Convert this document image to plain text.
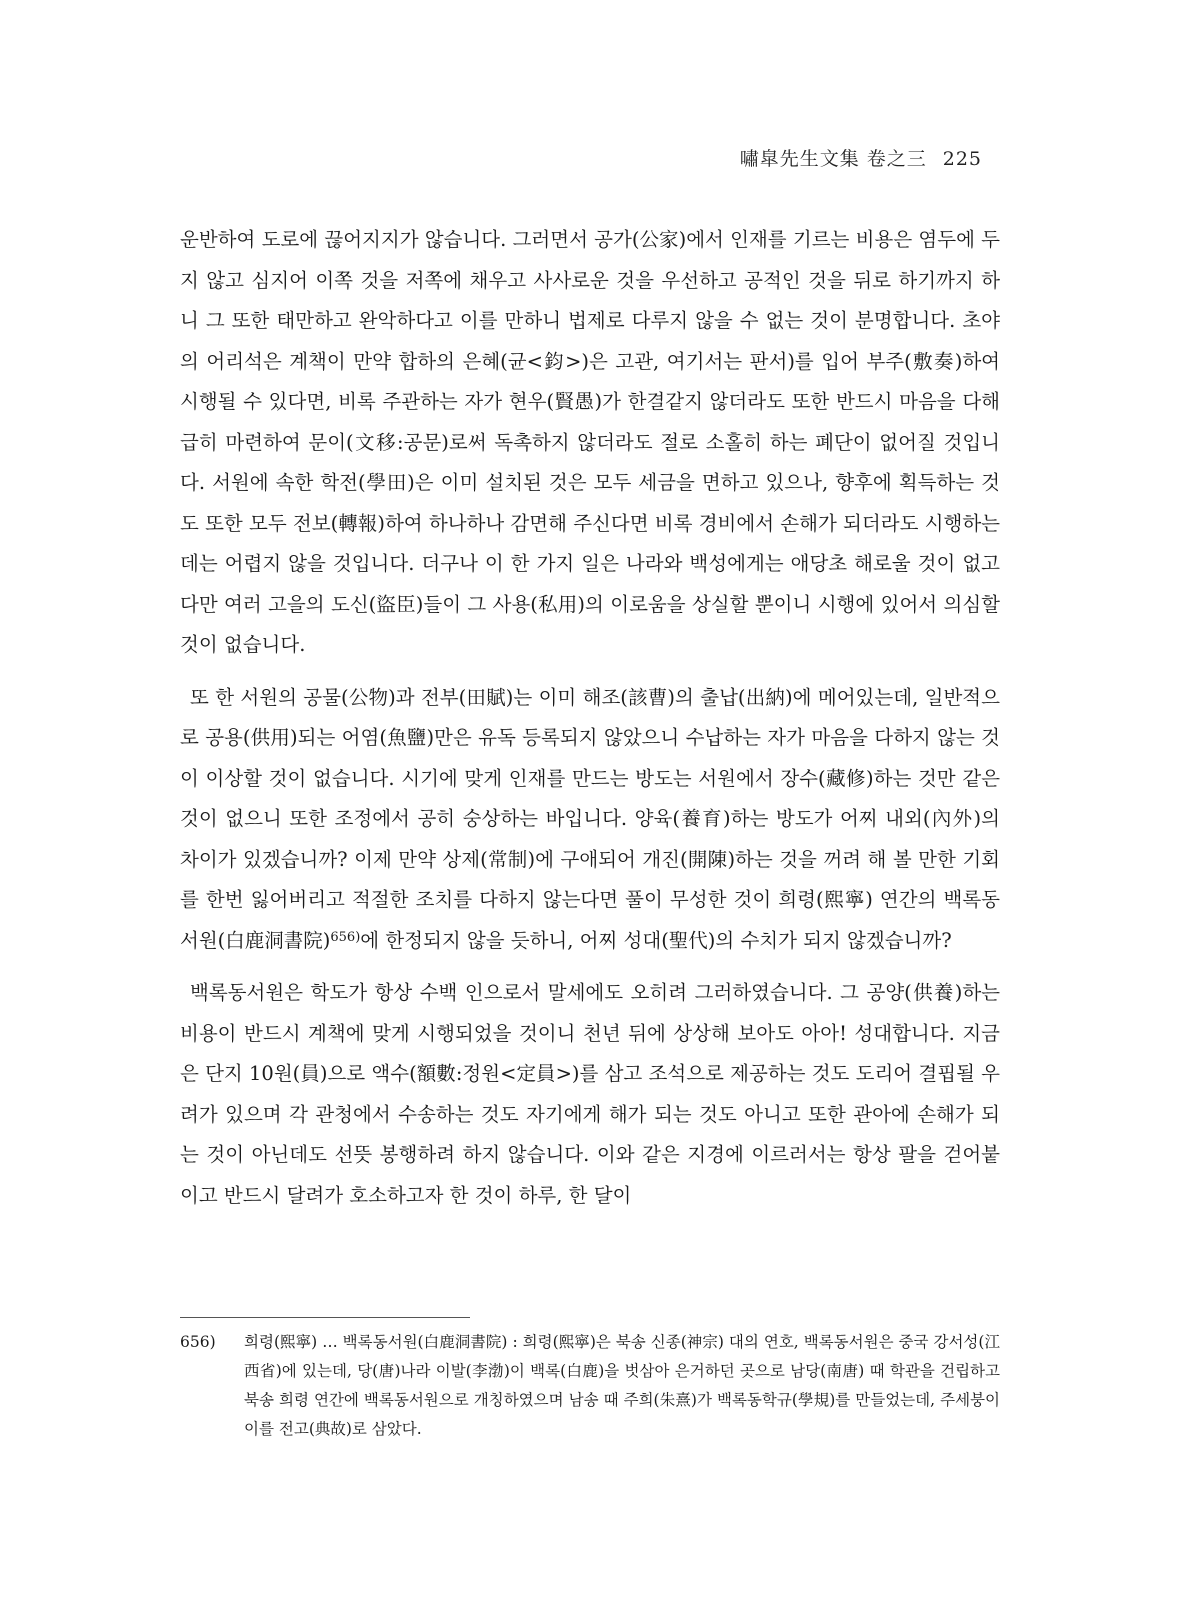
嘯皐先生文集 卷之三 225

운반하여 도로에 끊어지지가 않습니다. 그러면서 공가(公家)에서 인재를 기르는 비용은 염두에 두지 않고 심지어 이쪽 것을 저쪽에 채우고 사사로운 것을 우선하고 공적인 것을 뒤로 하기까지 하니 그 또한 태만하고 완악하다고 이를 만하니 법제로 다루지 않을 수 없는 것이 분명합니다. 초야의 어리석은 계책이 만약 합하의 은혜(균<鈞>)은 고관, 여기서는 판서)를 입어 부주(敷奏)하여 시행될 수 있다면, 비록 주관하는 자가 현우(賢愚)가 한결같지 않더라도 또한 반드시 마음을 다해 급히 마련하여 문이(文移:공문)로써 독촉하지 않더라도 절로 소홀히 하는 폐단이 없어질 것입니다. 서원에 속한 학전(學田)은 이미 설치된 것은 모두 세금을 면하고 있으나, 향후에 획득하는 것도 또한 모두 전보(轉報)하여 하나하나 감면해 주신다면 비록 경비에서 손해가 되더라도 시행하는 데는 어렵지 않을 것입니다. 더구나 이 한 가지 일은 나라와 백성에게는 애당초 해로울 것이 없고 다만 여러 고을의 도신(盜臣)들이 그 사용(私用)의 이로움을 상실할 뿐이니 시행에 있어서 의심할 것이 없습니다.

또 한 서원의 공물(公物)과 전부(田賦)는 이미 해조(該曹)의 출납(出納)에 메어있는데, 일반적으로 공용(供用)되는 어염(魚鹽)만은 유독 등록되지 않았으니 수납하는 자가 마음을 다하지 않는 것이 이상할 것이 없습니다. 시기에 맞게 인재를 만드는 방도는 서원에서 장수(藏修)하는 것만 같은 것이 없으니 또한 조정에서 공히 숭상하는 바입니다. 양육(養育)하는 방도가 어찌 내외(內外)의 차이가 있겠습니까? 이제 만약 상제(常制)에 구애되어 개진(開陳)하는 것을 꺼려 해 볼 만한 기회를 한번 잃어버리고 적절한 조치를 다하지 않는다면 풀이 무성한 것이 희령(熙寧) 연간의 백록동서원(白鹿洞書院)$^{656)}$에 한정되지 않을 듯하니, 어찌 성대(聖代)의 수치가 되지 않겠습니까?

백록동서원은 학도가 항상 수백 인으로서 말세에도 오히려 그러하였습니다. 그 공양(供養)하는 비용이 반드시 계책에 맞게 시행되었을 것이니 천년 뒤에 상상해 보아도 아아! 성대합니다. 지금은 단지 10원(員)으로 액수(額數:정원<定員>)를 삼고 조석으로 제공하는 것도 도리어 결핍될 우려가 있으며 각 관청에서 수송하는 것도 자기에게 해가 되는 것도 아니고 또한 관아에 손해가 되는 것이 아닌데도 선뜻 봉행하려 하지 않습니다. 이와 같은 지경에 이르러서는 항상 팔을 걷어붙이고 반드시 달려가 호소하고자 한 것이 하루, 한 달이

656) 희령(熙寧) … 백록동서원(白鹿洞書院) : 희령(熙寧)은 북송 신종(神宗) 대의 연호, 백록동서원은 중국 강서성(江西省)에 있는데, 당(唐)나라 이발(李渤)이 백록(白鹿)을 벗삼아 은거하던 곳으로 남당(南唐) 때 학관을 건립하고 북송 희령 연간에 백록동서원으로 개칭하였으며 남송 때 주희(朱熹)가 백록동학규(學規)를 만들었는데, 주세붕이 이를 전고(典故)로 삼았다.
